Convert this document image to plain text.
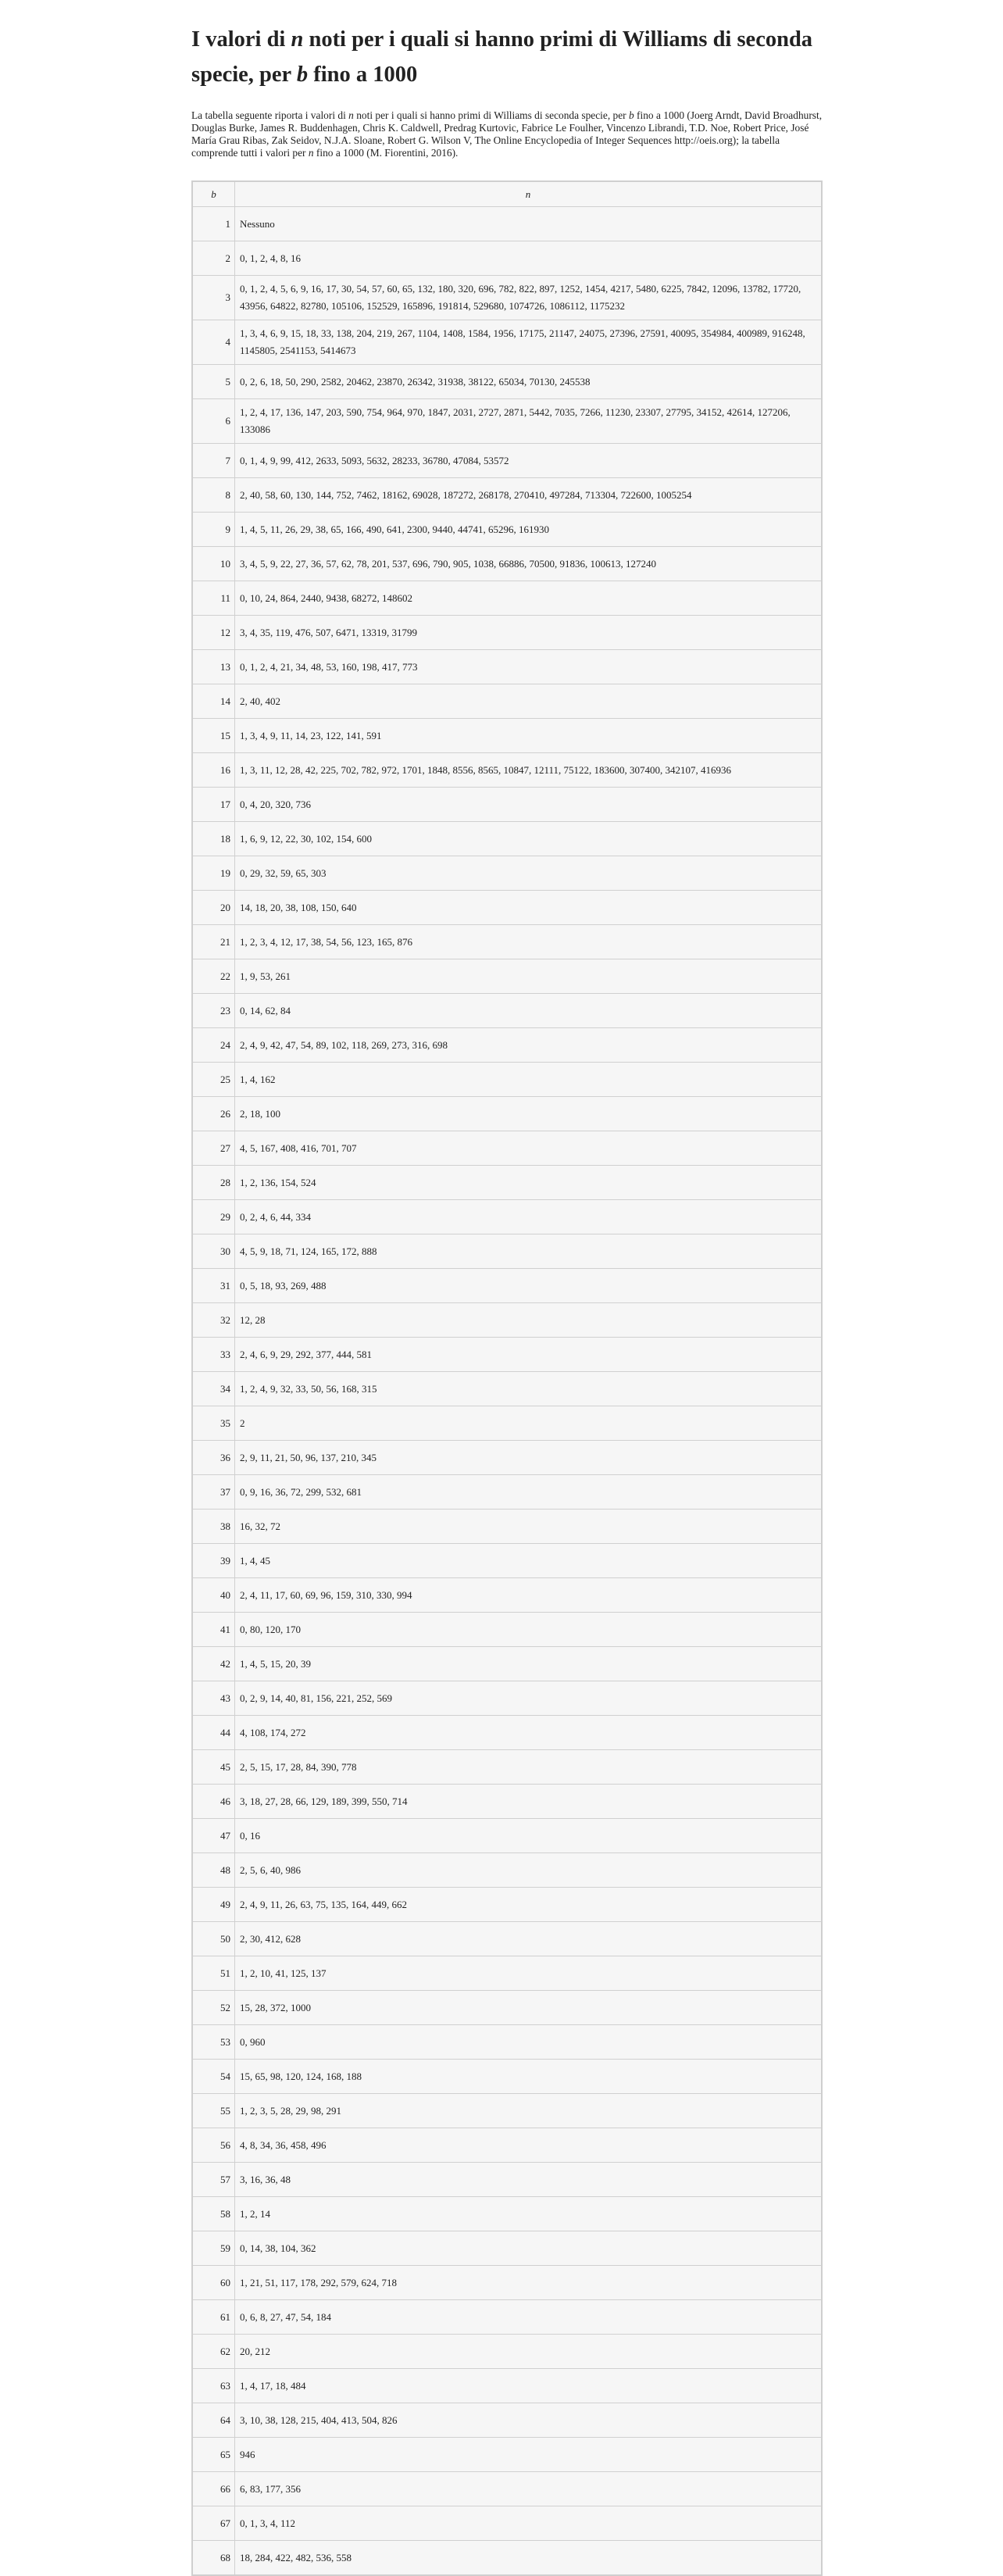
I valori di n noti per i quali si hanno primi di Williams di seconda specie, per b fino a 1000

La tabella seguente riporta i valori di n noti per i quali si hanno primi di Williams di seconda specie, per b fino a 1000 (Joerg Arndt, David Broadhurst, Douglas Burke, James R. Buddenhagen, Chris K. Caldwell, Predrag Kurtovic, Fabrice Le Foulher, Vincenzo Librandi, T.D. Noe, Robert Price, José María Grau Ribas, Zak Seidov, N.J.A. Sloane, Robert G. Wilson V, The Online Encyclopedia of Integer Sequences http://oeis.org); la tabella comprende tutti i valori per n fino a 1000 (M. Fiorentini, 2016).

b	n
1	Nessuno
2	0, 1, 2, 4, 8, 16
3	0, 1, 2, 4, 5, 6, 9, 16, 17, 30, 54, 57, 60, 65, 132, 180, 320, 696, 782, 822, 897, 1252, 1454, 4217, 5480, 6225, 7842, 12096, 13782, 17720, 43956, 64822, 82780, 105106, 152529, 165896, 191814, 529680, 1074726, 1086112, 1175232
4	1, 3, 4, 6, 9, 15, 18, 33, 138, 204, 219, 267, 1104, 1408, 1584, 1956, 17175, 21147, 24075, 27396, 27591, 40095, 354984, 400989, 916248, 1145805, 2541153, 5414673
5	0, 2, 6, 18, 50, 290, 2582, 20462, 23870, 26342, 31938, 38122, 65034, 70130, 245538
6	1, 2, 4, 17, 136, 147, 203, 590, 754, 964, 970, 1847, 2031, 2727, 2871, 5442, 7035, 7266, 11230, 23307, 27795, 34152, 42614, 127206, 133086
7	0, 1, 4, 9, 99, 412, 2633, 5093, 5632, 28233, 36780, 47084, 53572
8	2, 40, 58, 60, 130, 144, 752, 7462, 18162, 69028, 187272, 268178, 270410, 497284, 713304, 722600, 1005254
9	1, 4, 5, 11, 26, 29, 38, 65, 166, 490, 641, 2300, 9440, 44741, 65296, 161930
10	3, 4, 5, 9, 22, 27, 36, 57, 62, 78, 201, 537, 696, 790, 905, 1038, 66886, 70500, 91836, 100613, 127240
11	0, 10, 24, 864, 2440, 9438, 68272, 148602
12	3, 4, 35, 119, 476, 507, 6471, 13319, 31799
13	0, 1, 2, 4, 21, 34, 48, 53, 160, 198, 417, 773
14	2, 40, 402
15	1, 3, 4, 9, 11, 14, 23, 122, 141, 591
16	1, 3, 11, 12, 28, 42, 225, 702, 782, 972, 1701, 1848, 8556, 8565, 10847, 12111, 75122, 183600, 307400, 342107, 416936
17	0, 4, 20, 320, 736
18	1, 6, 9, 12, 22, 30, 102, 154, 600
19	0, 29, 32, 59, 65, 303
20	14, 18, 20, 38, 108, 150, 640
21	1, 2, 3, 4, 12, 17, 38, 54, 56, 123, 165, 876
22	1, 9, 53, 261
23	0, 14, 62, 84
24	2, 4, 9, 42, 47, 54, 89, 102, 118, 269, 273, 316, 698
25	1, 4, 162
26	2, 18, 100
27	4, 5, 167, 408, 416, 701, 707
28	1, 2, 136, 154, 524
29	0, 2, 4, 6, 44, 334
30	4, 5, 9, 18, 71, 124, 165, 172, 888
31	0, 5, 18, 93, 269, 488
32	12, 28
33	2, 4, 6, 9, 29, 292, 377, 444, 581
34	1, 2, 4, 9, 32, 33, 50, 56, 168, 315
35	2
36	2, 9, 11, 21, 50, 96, 137, 210, 345
37	0, 9, 16, 36, 72, 299, 532, 681
38	16, 32, 72
39	1, 4, 45
40	2, 4, 11, 17, 60, 69, 96, 159, 310, 330, 994
41	0, 80, 120, 170
42	1, 4, 5, 15, 20, 39
43	0, 2, 9, 14, 40, 81, 156, 221, 252, 569
44	4, 108, 174, 272
45	2, 5, 15, 17, 28, 84, 390, 778
46	3, 18, 27, 28, 66, 129, 189, 399, 550, 714
47	0, 16
48	2, 5, 6, 40, 986
49	2, 4, 9, 11, 26, 63, 75, 135, 164, 449, 662
50	2, 30, 412, 628
51	1, 2, 10, 41, 125, 137
52	15, 28, 372, 1000
53	0, 960
54	15, 65, 98, 120, 124, 168, 188
55	1, 2, 3, 5, 28, 29, 98, 291
56	4, 8, 34, 36, 458, 496
57	3, 16, 36, 48
58	1, 2, 14
59	0, 14, 38, 104, 362
60	1, 21, 51, 117, 178, 292, 579, 624, 718
61	0, 6, 8, 27, 47, 54, 184
62	20, 212
63	1, 4, 17, 18, 484
64	3, 10, 38, 128, 215, 404, 413, 504, 826
65	946
66	6, 83, 177, 356
67	0, 1, 3, 4, 112
68	18, 284, 422, 482, 536, 558
